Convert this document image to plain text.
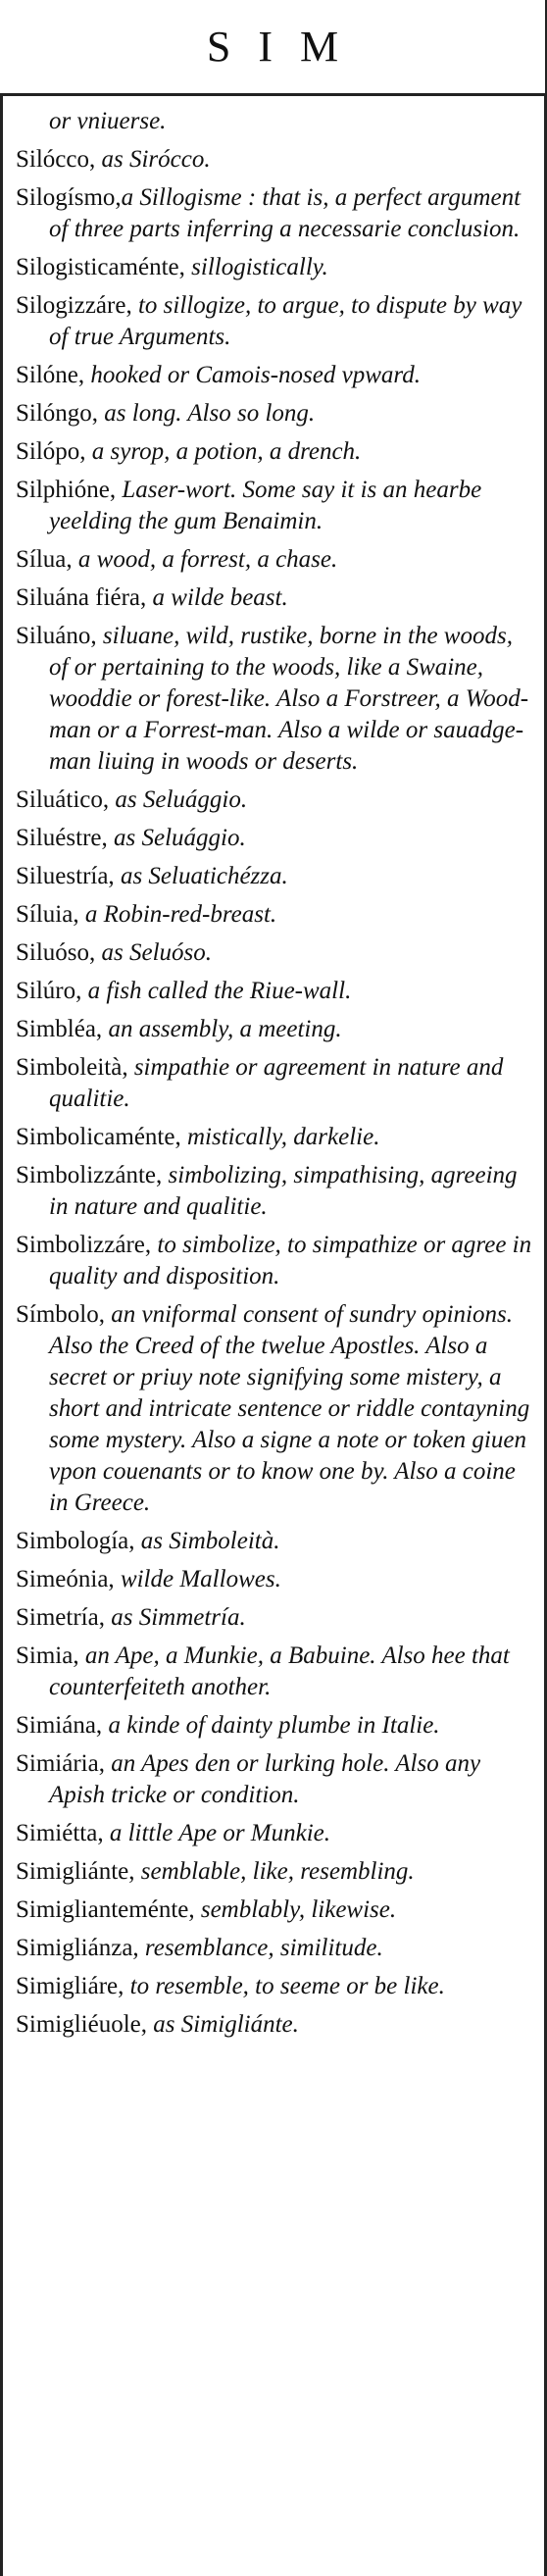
SIM

or vniuerse.

Silócco, as Sirócco.

Silogísmo,a Sillogisme : that is, a perfect argument of three parts inferring a necessarie conclusion.

Silogisticaménte, sillogistically.

Silogizzáre, to sillogize, to argue, to dispute by way of true Arguments.

Silóne, hooked or Camois-nosed vpward.

Silóngo, as long. Also so long.

Silópo, a syrop, a potion, a drench.

Silphióne, Laser-wort. Some say it is an hearbe yeelding the gum Benaimin.

Sílua, a wood, a forrest, a chase.

Siluána fiéra, a wilde beast.

Siluáno, siluane, wild, rustike, borne in the woods, of or pertaining to the woods, like a Swaine, wooddie or forest-like. Also a Forstreer, a Wood-man or a Forrest-man. Also a wilde or sauadge-man liuing in woods or deserts.

Siluático, as Seluággio.

Siluéstre, as Seluággio.

Siluestría, as Seluatichézza.

Síluia, a Robin-red-breast.

Siluóso, as Seluóso.

Silúro, a fish called the Riue-wall.

Simbléa, an assembly, a meeting.

Simboleità, simpathie or agreement in nature and qualitie.

Simbolicaménte, mistically, darkelie.

Simbolizzánte, simbolizing, simpathising, agreeing in nature and qualitie.

Simbolizzáre, to simbolize, to simpathize or agree in quality and disposition.

Símbolo, an vniformal consent of sundry opinions. Also the Creed of the twelue Apostles. Also a secret or priuy note signifying some mistery, a short and intricate sentence or riddle contayning some mystery. Also a signe a note or token giuen vpon couenants or to know one by. Also a coine in Greece.

Simbología, as Simboleità.

Simeónia, wilde Mallowes.

Simetría, as Simmetría.

Simia, an Ape, a Munkie, a Babuine. Also hee that counterfeiteth another.

Simiána, a kinde of dainty plumbe in Italie.

Simiária, an Apes den or lurking hole. Also any Apish tricke or condition.

Simiétta, a little Ape or Munkie.

Simigliánte, semblable, like, resembling.

Simiglianteménte, semblably, likewise.

Simigliánza, resemblance, similitude.

Simigliáre, to resemble, to seeme or be like.

Simigliéuole, as Simigliánte.
